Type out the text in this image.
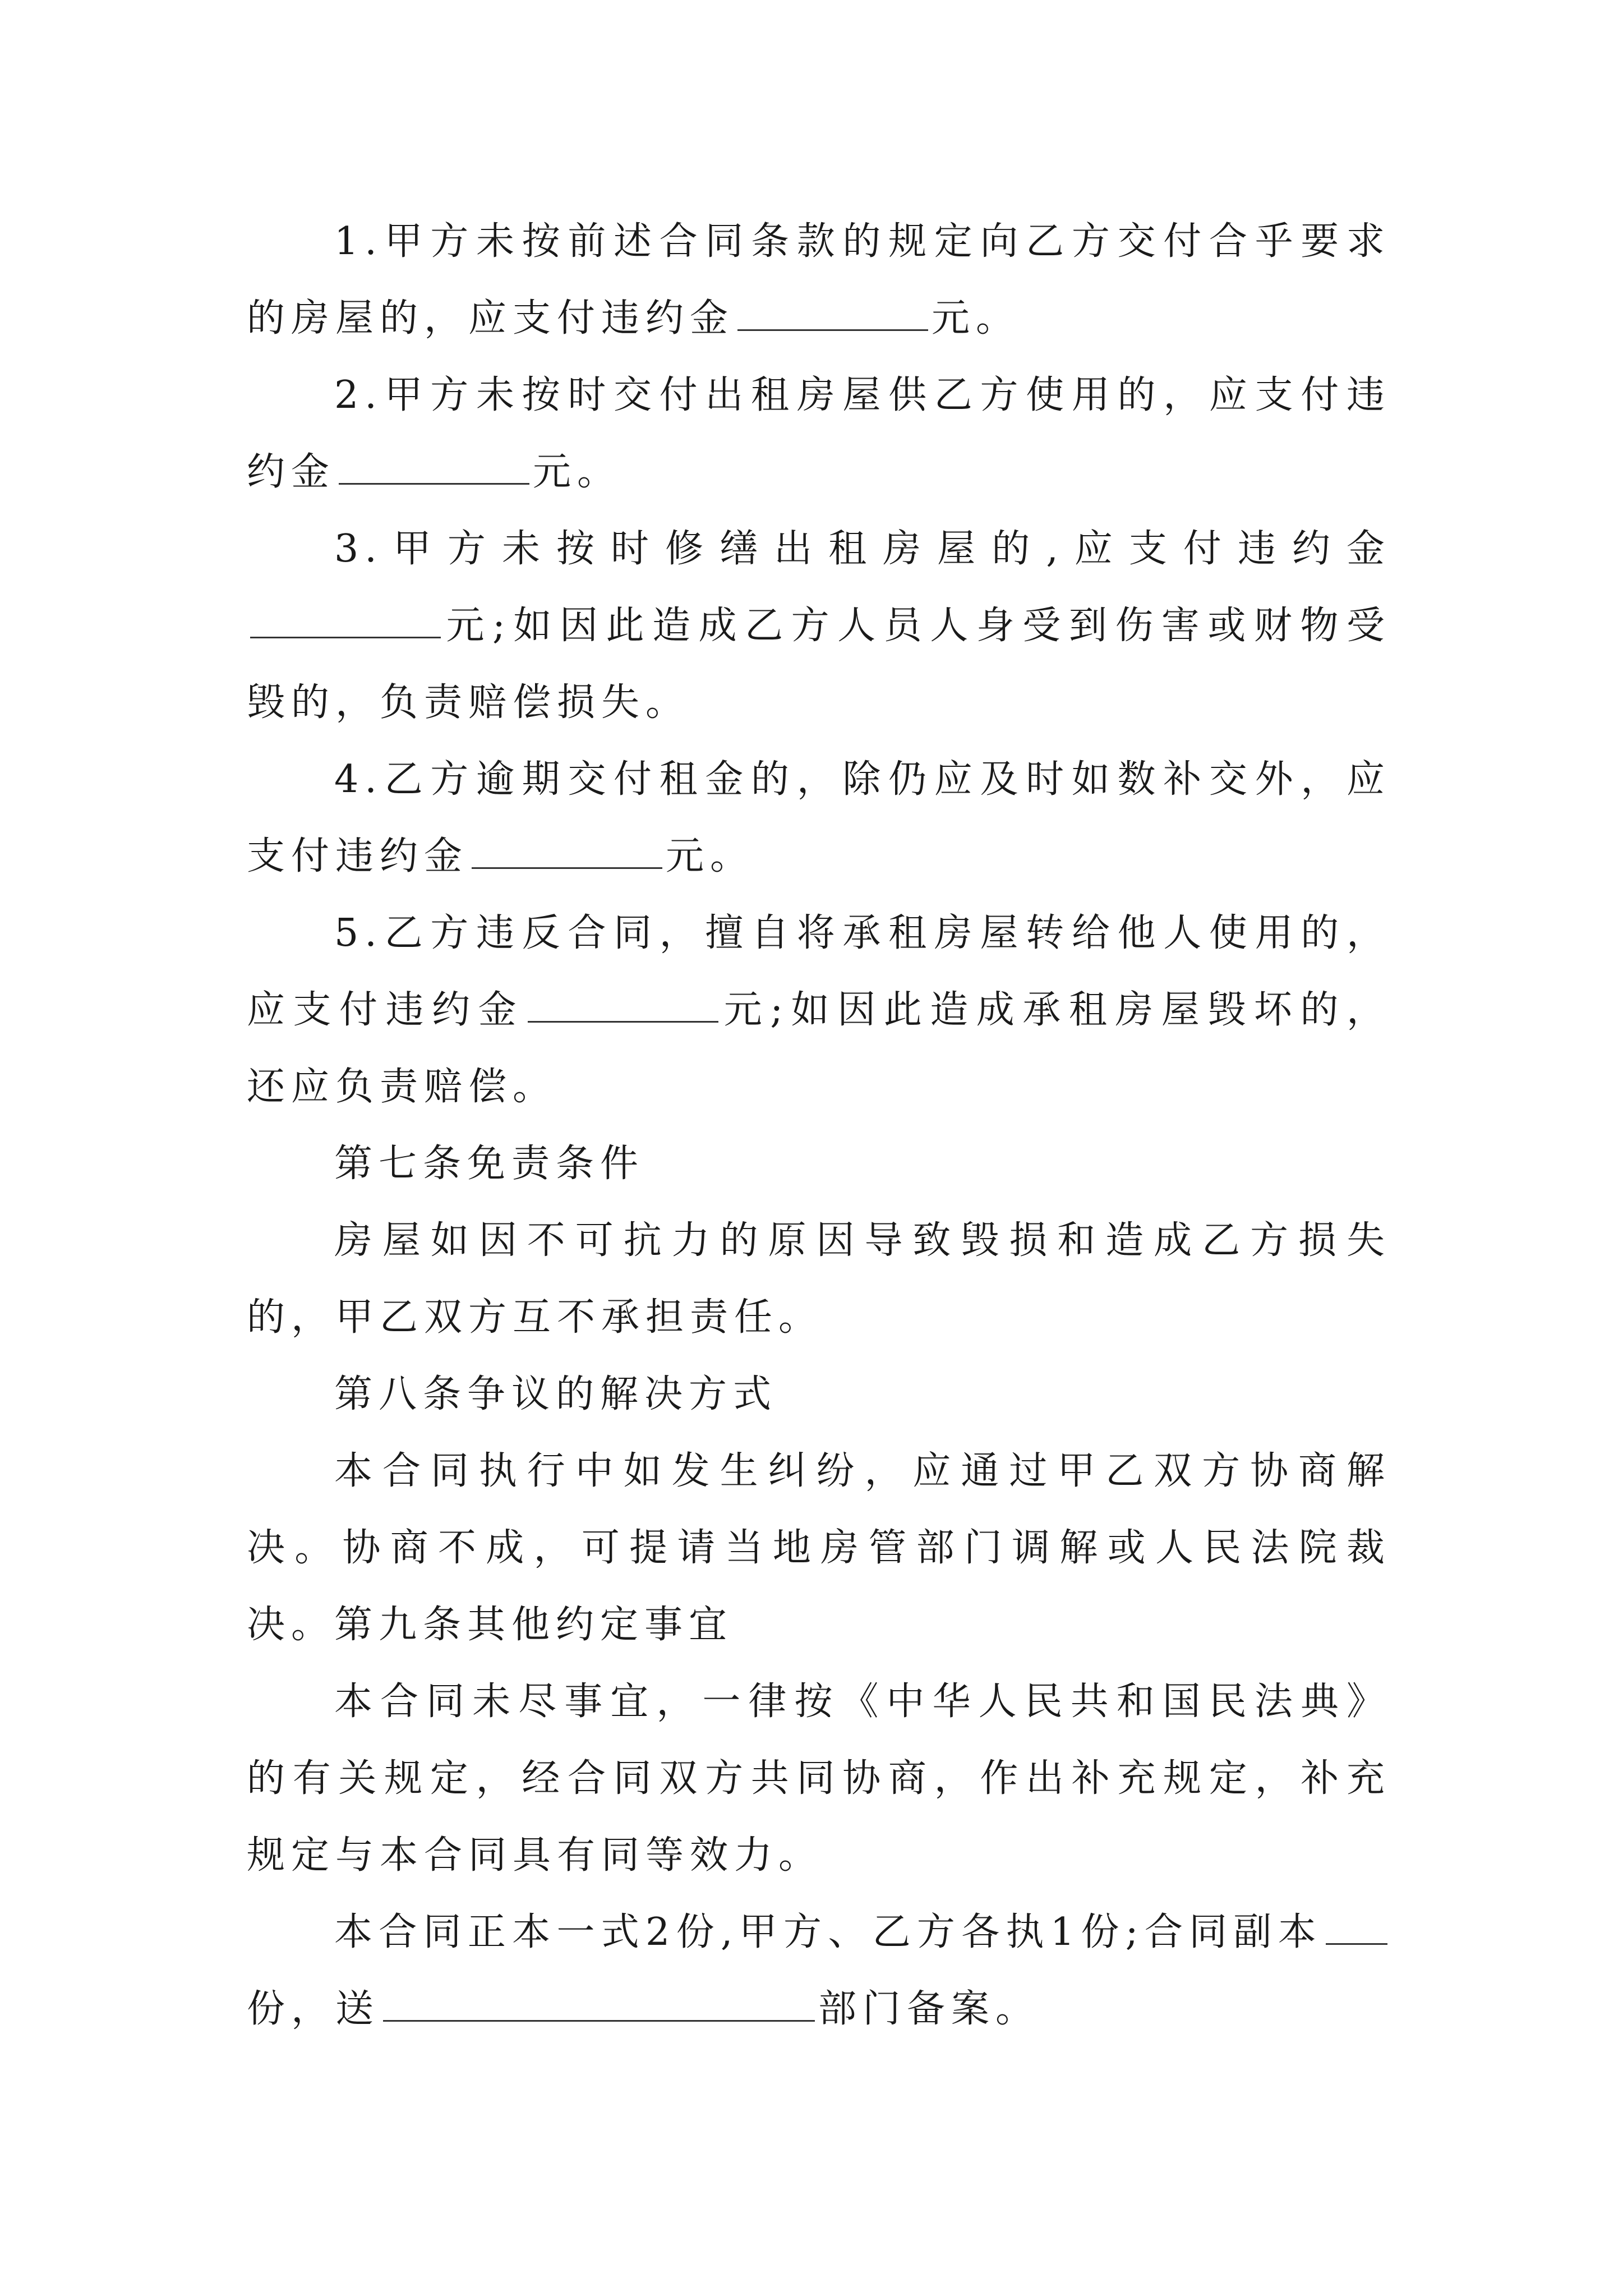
1.甲方未按前述合同条款的规定向乙方交付合乎要求的房屋的，应支付违约金	元。

2.甲方未按时交付出租房屋供乙方使用的，应支付违约金	元。

3.甲方未按时修缮出租房屋的,应支付违约金元;如因此造成乙方人员人身受到伤害或财物受毁的，负责赔偿损失。

4.乙方逾期交付租金的，除仍应及时如数补交外，应支付违约金	元。

5.乙方违反合同，擅自将承租房屋转给他人使用的，应支付违约金	元;如因此造成承租房屋毁坏的，还应负责赔偿。

第七条免责条件

房屋如因不可抗力的原因导致毁损和造成乙方损失的，甲乙双方互不承担责任。

第八条争议的解决方式

本合同执行中如发生纠纷，应通过甲乙双方协商解决。协商不成，可提请当地房管部门调解或人民法院裁决。

第九条其他约定事宜

本合同未尽事宜，一律按《中华人民共和国民法典》的有关规定，经合同双方共同协商，作出补充规定，补充规定与本合同具有同等效力。

本合同正本一式2份,甲方、乙方各执1份;合同副本份，送	部门备案。
